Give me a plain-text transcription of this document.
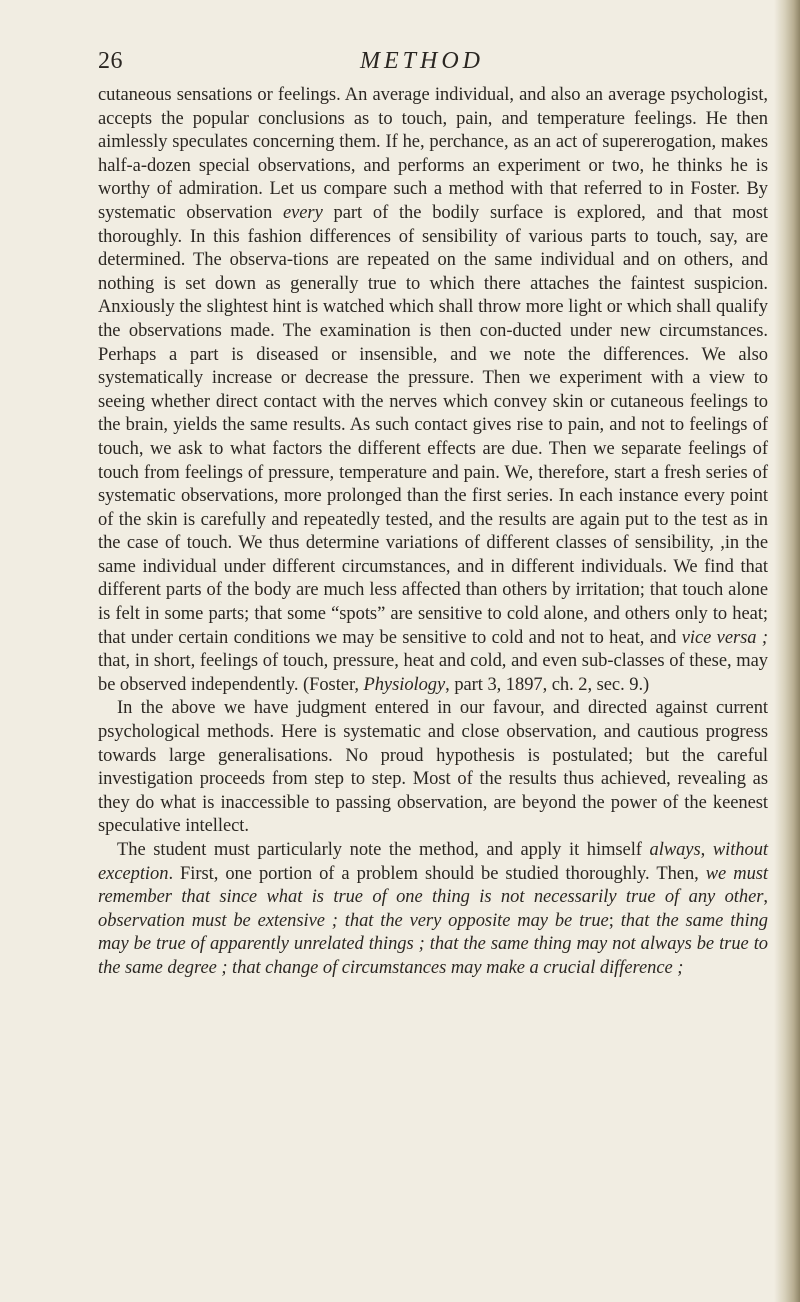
26	METHOD

cutaneous sensations or feelings. An average individual, and also an average psychologist, accepts the popular conclusions as to touch, pain, and temperature feelings. He then aimlessly speculates concerning them. If he, perchance, as an act of supererogation, makes half-a-dozen special observations, and performs an experiment or two, he thinks he is worthy of admiration. Let us compare such a method with that referred to in Foster. By systematic observation every part of the bodily surface is explored, and that most thoroughly. In this fashion differences of sensibility of various parts to touch, say, are determined. The observa-tions are repeated on the same individual and on others, and nothing is set down as generally true to which there attaches the faintest suspicion. Anxiously the slightest hint is watched which shall throw more light or which shall qualify the observations made. The examination is then con-ducted under new circumstances. Perhaps a part is diseased or insensible, and we note the differences. We also systematically increase or decrease the pressure. Then we experiment with a view to seeing whether direct contact with the nerves which convey skin or cutaneous feelings to the brain, yields the same results. As such contact gives rise to pain, and not to feelings of touch, we ask to what factors the different effects are due. Then we separate feelings of touch from feelings of pressure, temperature and pain. We, therefore, start a fresh series of systematic observations, more prolonged than the first series. In each instance every point of the skin is carefully and repeatedly tested, and the results are again put to the test as in the case of touch. We thus determine variations of different classes of sensibility, ,in the same individual under different circumstances, and in different individuals. We find that different parts of the body are much less affected than others by irritation; that touch alone is felt in some parts; that some “spots” are sensitive to cold alone, and others only to heat; that under certain conditions we may be sensitive to cold and not to heat, and vice versa ; that, in short, feelings of touch, pressure, heat and cold, and even sub-classes of these, may be observed independently. (Foster, Physiology, part 3, 1897, ch. 2, sec. 9.)

In the above we have judgment entered in our favour, and directed against current psychological methods. Here is systematic and close observation, and cautious progress towards large generalisations. No proud hypothesis is postulated; but the careful investigation proceeds from step to step. Most of the results thus achieved, revealing as they do what is inaccessible to passing observation, are beyond the power of the keenest speculative intellect.

The student must particularly note the method, and apply it himself always, without exception. First, one portion of a problem should be studied thoroughly. Then, we must remember that since what is true of one thing is not necessarily true of any other, observation must be extensive ; that the very opposite may be true; that the same thing may be true of apparently unrelated things ; that the same thing may not always be true to the same degree ; that change of circumstances may make a crucial difference ;
